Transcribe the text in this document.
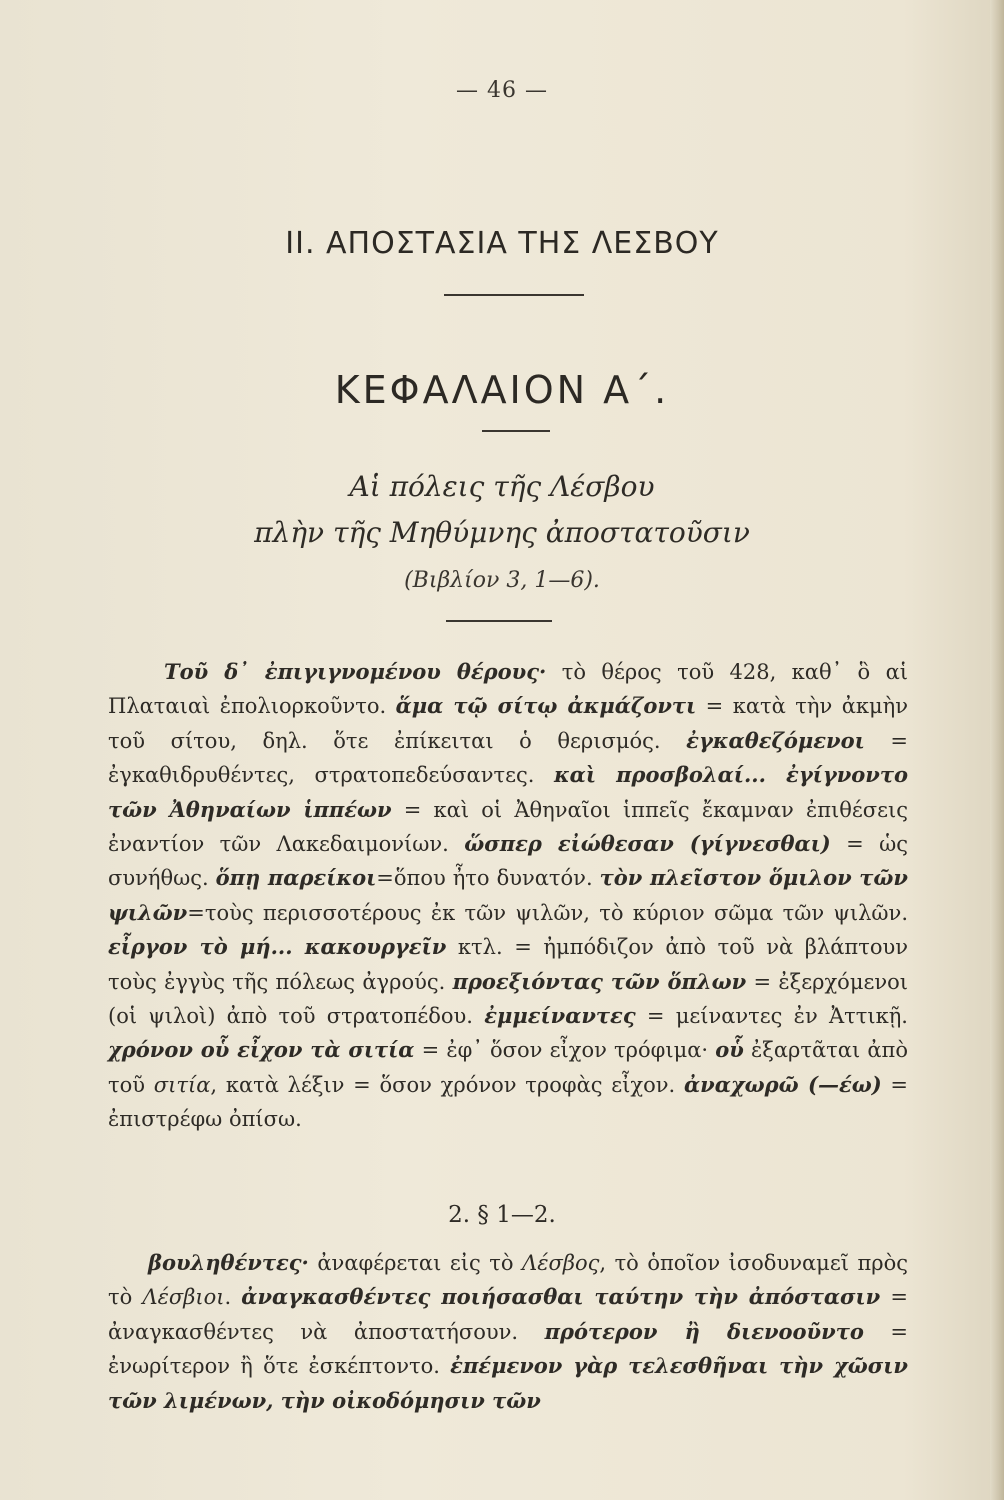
— 46 —
II. ΑΠΟΣΤΑΣΙΑ ΤΗΣ ΛΕΣΒΟΥ
ΚΕΦΑΛΑΙΟΝ Α΄.
Αἱ πόλεις τῆς Λέσβου
πλὴν τῆς Μηθύμνης ἀποστατοῦσιν
(Βιβλίον 3, 1—6).
Τοῦ δ᾽ ἐπιγιγνομένου θέρους· τὸ θέρος τοῦ 428, καθ᾽ ὃ αἱ Πλαταιαὶ ἐπολιορκοῦντο. ἅμα τῷ σίτῳ ἀκμάζοντι = κατὰ τὴν ἀκμὴν τοῦ σίτου, δηλ. ὅτε ἐπίκειται ὁ θερισμός. ἐγκαθεζόμενοι = ἐγκαθιδρυθέντες, στρατοπεδεύσαντες. καὶ προσβολαί... ἐγίγνοντο τῶν Ἀθηναίων ἱππέων = καὶ οἱ Ἀθηναῖοι ἱππεῖς ἔκαμναν ἐπιθέσεις ἐναντίον τῶν Λακεδαιμονίων. ὥσπερ εἰώθεσαν (γίγνεσθαι) = ὡς συνήθως. ὅπῃ παρείκοι=ὅπου ἦτο δυνατόν. τὸν πλεῖστον ὅμιλον τῶν ψιλῶν=τοὺς περισσοτέρους ἐκ τῶν ψιλῶν, τὸ κύριον σῶμα τῶν ψιλῶν. εἶργον τὸ μή... κακουργεῖν κτλ. = ἠμπόδιζον ἀπὸ τοῦ νὰ βλάπτουν τοὺς ἐγγὺς τῆς πόλεως ἀγρούς. προεξιόντας τῶν ὅπλων = ἐξερχόμενοι (οἱ ψιλοὶ) ἀπὸ τοῦ στρατοπέδου. ἐμμείναντες = μείναντες ἐν Ἀττικῇ. χρόνον οὗ εἶχον τὰ σιτία = ἐφ᾽ ὅσον εἶχον τρόφιμα· οὗ ἐξαρτᾶται ἀπὸ τοῦ σιτία, κατὰ λέξιν = ὅσον χρόνον τροφὰς εἶχον. ἀναχωρῶ (—έω) = ἐπιστρέφω ὀπίσω.
2. § 1—2.
βουληθέντες· ἀναφέρεται εἰς τὸ Λέσβος, τὸ ὁποῖον ἰσοδυναμεῖ πρὸς τὸ Λέσβιοι. ἀναγκασθέντες ποιήσασθαι ταύτην τὴν ἀπόστασιν = ἀναγκασθέντες νὰ ἀποστατήσουν. πρότερον ἢ διενοοῦντο = ἐνωρίτερον ἢ ὅτε ἐσκέπτοντο. ἐπέμενον γὰρ τελεσθῆναι τὴν χῶσιν τῶν λιμένων, τὴν οἰκοδόμησιν τῶν
